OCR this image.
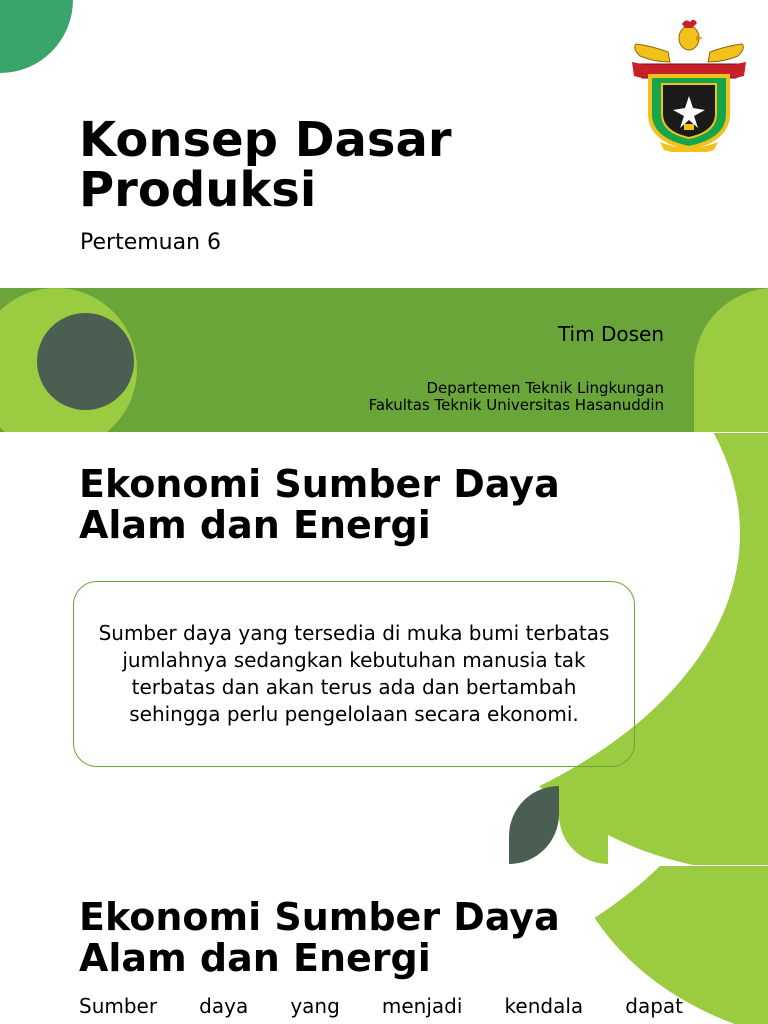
Konsep Dasar
Produksi
Pertemuan 6
Tim Dosen
Departemen Teknik Lingkungan
Fakultas Teknik Universitas Hasanuddin
Ekonomi Sumber Daya
Alam dan Energi
Sumber daya yang tersedia di muka bumi terbatas jumlahnya sedangkan kebutuhan manusia tak terbatas dan akan terus ada dan bertambah sehingga perlu pengelolaan secara ekonomi.
Ekonomi Sumber Daya
Alam dan Energi
Sumber daya yang menjadi kendala dapat
